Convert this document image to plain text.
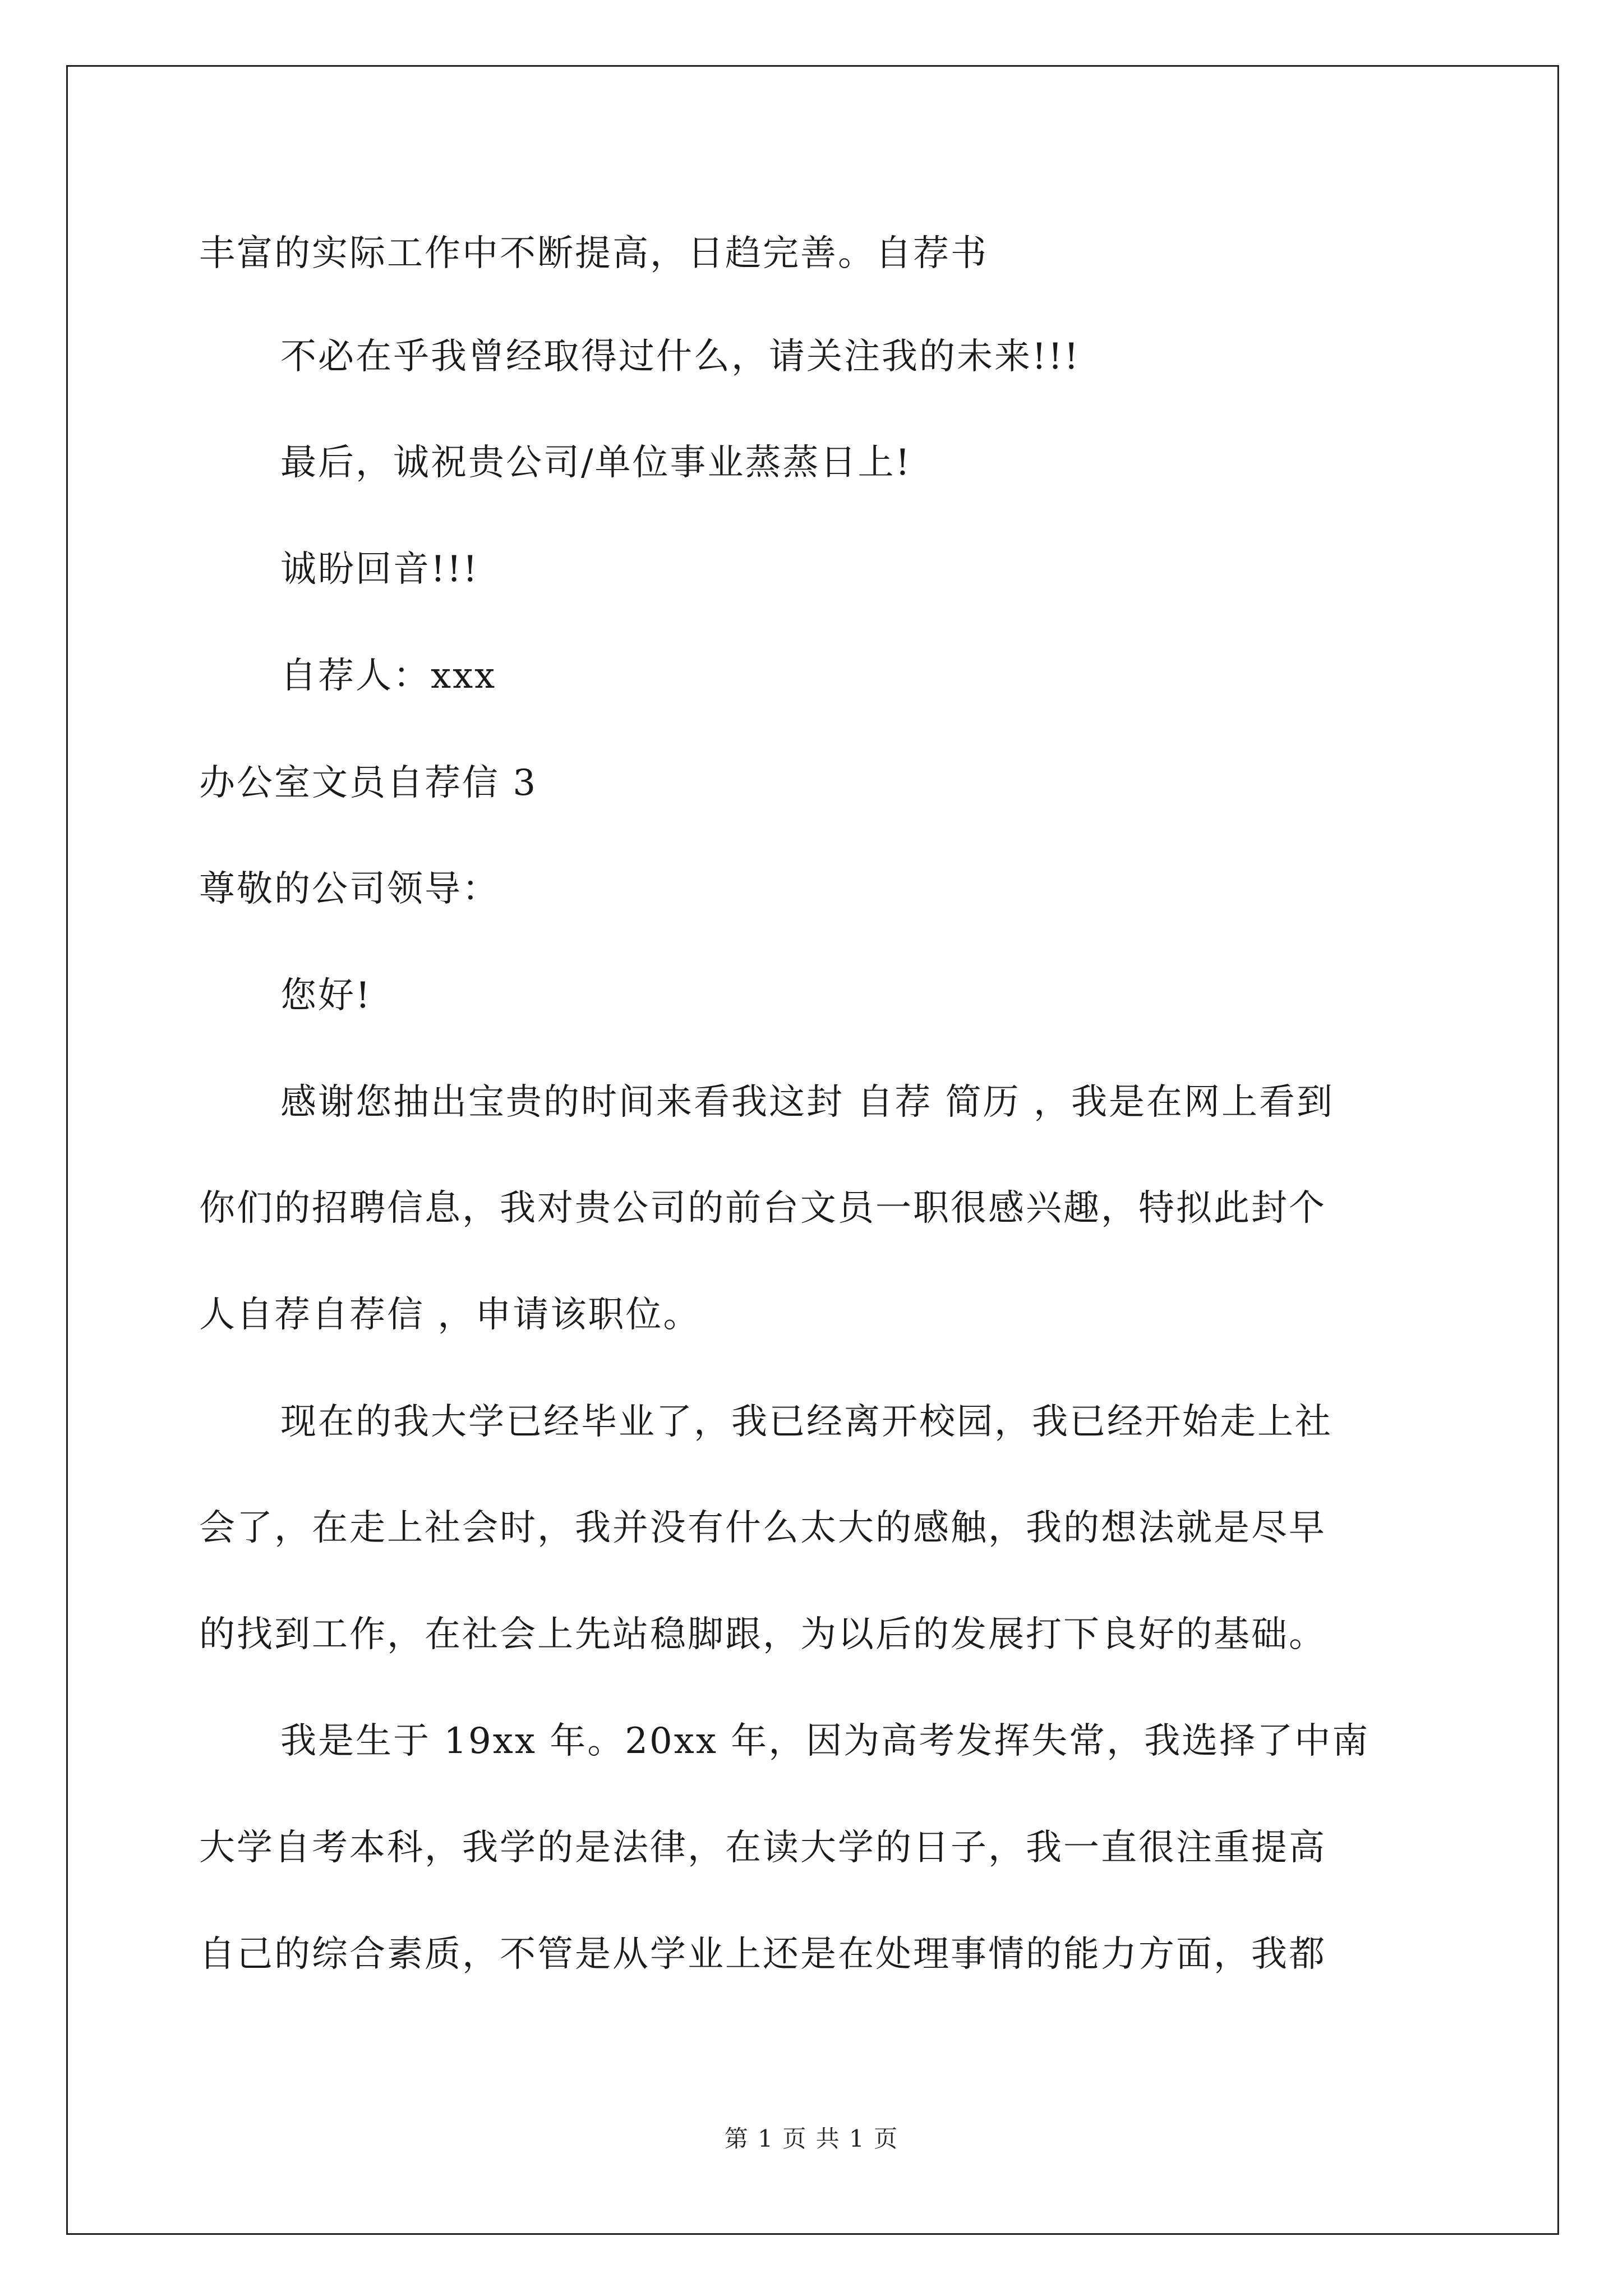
丰富的实际工作中不断提高，日趋完善。自荐书
不必在乎我曾经取得过什么，请关注我的未来!!!
最后，诚祝贵公司/单位事业蒸蒸日上!
诚盼回音!!!
自荐人：xxx
办公室文员自荐信 3
尊敬的公司领导：
您好!
感谢您抽出宝贵的时间来看我这封 自荐 简历 ，我是在网上看到
你们的招聘信息，我对贵公司的前台文员一职很感兴趣，特拟此封个
人自荐自荐信 ，申请该职位。
现在的我大学已经毕业了，我已经离开校园，我已经开始走上社
会了，在走上社会时，我并没有什么太大的感触，我的想法就是尽早
的找到工作，在社会上先站稳脚跟，为以后的发展打下良好的基础。
我是生于 19xx 年。20xx 年，因为高考发挥失常，我选择了中南
大学自考本科，我学的是法律，在读大学的日子，我一直很注重提高
自己的综合素质，不管是从学业上还是在处理事情的能力方面，我都
第 1 页 共 1 页
